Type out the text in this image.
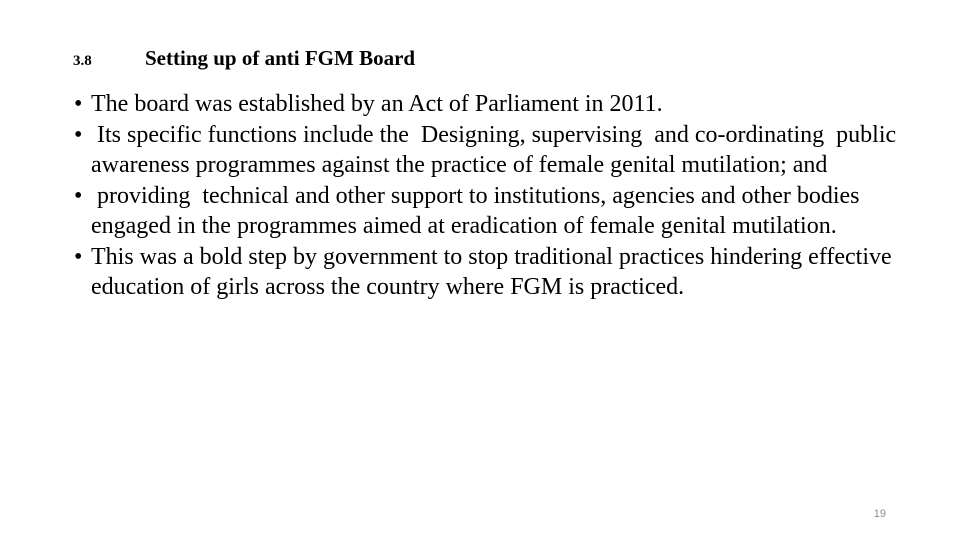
3.8	Setting up of anti FGM Board
• The board was established by an Act of Parliament in 2011.
• Its specific functions include the  Designing, supervising  and co-ordinating  public awareness programmes against the practice of female genital mutilation; and
• providing  technical and other support to institutions, agencies and other bodies engaged in the programmes aimed at eradication of female genital mutilation.
• This was a bold step by government to stop traditional practices hindering effective education of girls across the country where FGM is practiced.
19
